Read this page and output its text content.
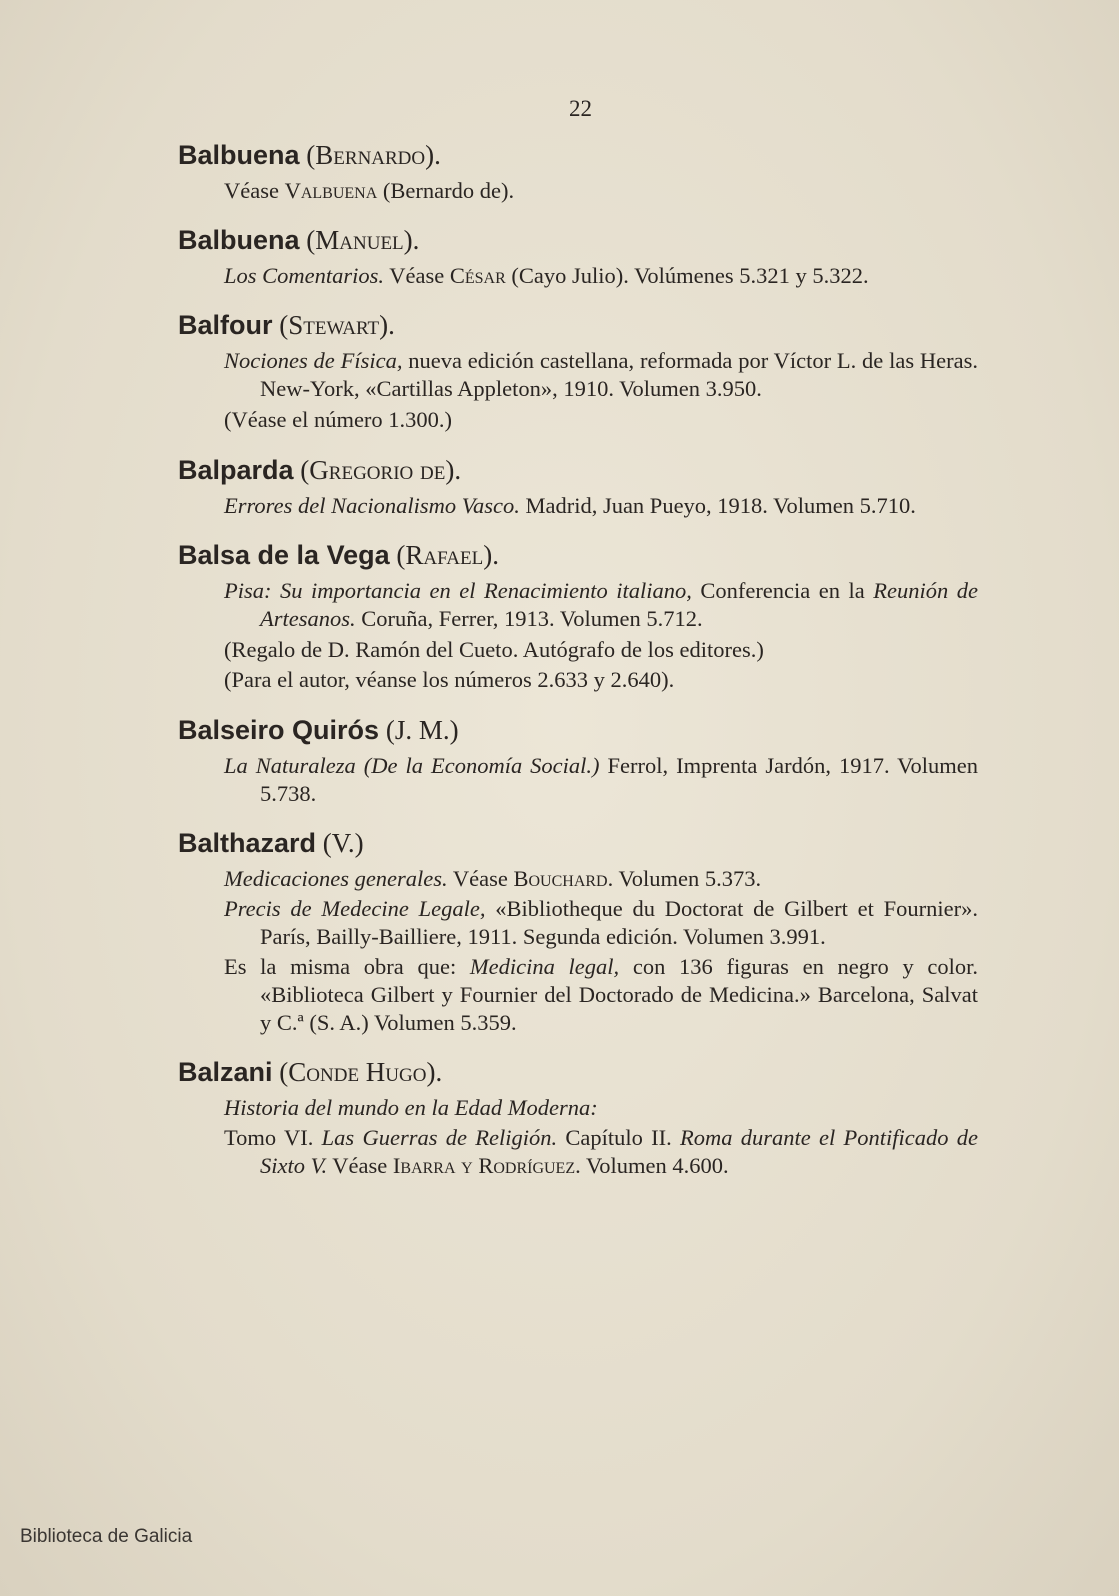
22
Balbuena (Bernardo).

Véase Valbuena (Bernardo de).

Balbuena (Manuel).

Los Comentarios. Véase César (Cayo Julio). Volúmenes 5.321 y 5.322.

Balfour (Stewart).

Nociones de Física, nueva edición castellana, reformada por Víctor L. de las Heras. New-York, «Cartillas Appleton», 1910. Volumen 3.950.

(Véase el número 1.300.)

Balparda (Gregorio de).

Errores del Nacionalismo Vasco. Madrid, Juan Pueyo, 1918. Volumen 5.710.

Balsa de la Vega (Rafael).

Pisa: Su importancia en el Renacimiento italiano, Conferencia en la Reunión de Artesanos. Coruña, Ferrer, 1913. Volumen 5.712.

(Regalo de D. Ramón del Cueto. Autógrafo de los editores.)

(Para el autor, véanse los números 2.633 y 2.640).

Balseiro Quirós (J. M.)

La Naturaleza (De la Economía Social.) Ferrol, Imprenta Jardón, 1917. Volumen 5.738.

Balthazard (V.)

Medicaciones generales. Véase Bouchard. Volumen 5.373.

Precis de Medecine Legale, «Bibliotheque du Doctorat de Gilbert et Fournier». París, Bailly-Bailliere, 1911. Segunda edición. Volumen 3.991.

Es la misma obra que: Medicina legal, con 136 figuras en negro y color. «Biblioteca Gilbert y Fournier del Doctorado de Medicina.» Barcelona, Salvat y C.ª (S. A.) Volumen 5.359.

Balzani (Conde Hugo).

Historia del mundo en la Edad Moderna:

Tomo VI. Las Guerras de Religión. Capítulo II. Roma durante el Pontificado de Sixto V. Véase Ibarra y Rodríguez. Volumen 4.600.

Biblioteca de Galicia
